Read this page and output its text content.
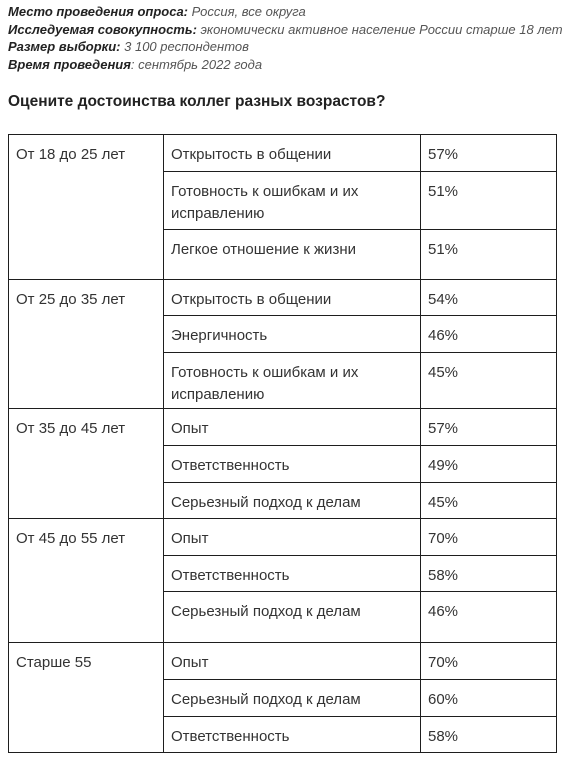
Место проведения опроса: Россия, все округа
Исследуемая совокупность: экономически активное население России старше 18 лет
Размер выборки: 3 100 респондентов
Время проведения: сентябрь 2022 года
Оцените достоинства коллег разных возрастов?
От 18 до 25 лет	Открытость в общении	57%
	Готовность к ошибкам и их исправлению	51%
	Легкое отношение к жизни	51%
От 25 до 35 лет	Открытость в общении	54%
	Энергичность	46%
	Готовность к ошибкам и их исправлению	45%
От 35 до 45 лет	Опыт	57%
	Ответственность	49%
	Серьезный подход к делам	45%
От 45 до 55 лет	Опыт	70%
	Ответственность	58%
	Серьезный подход к делам	46%
Старше 55	Опыт	70%
	Серьезный подход к делам	60%
	Ответственность	58%
